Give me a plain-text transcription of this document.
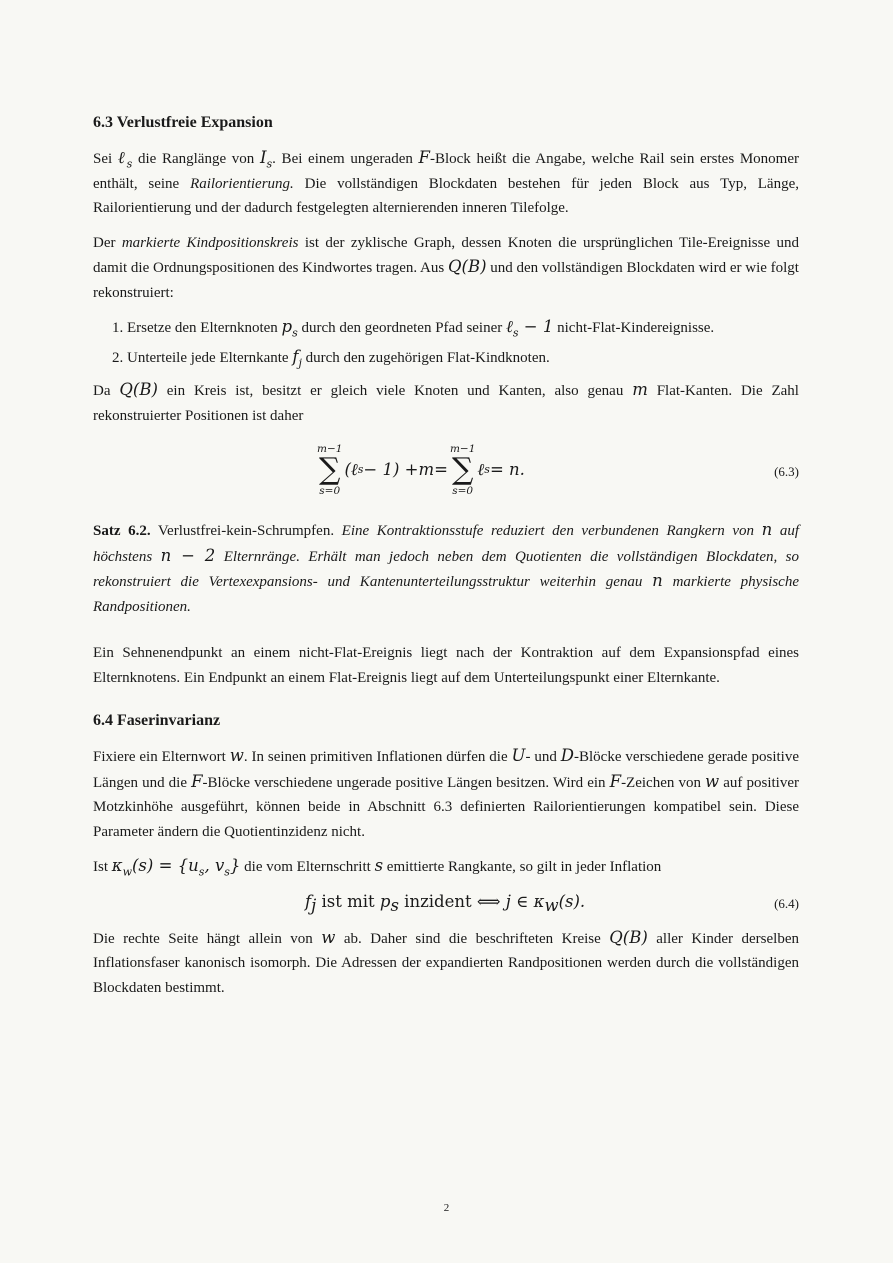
6.3 Verlustfreie Expansion

Sei ℓ$_s$ die Ranglänge von $I_s$. Bei einem ungeraden F-Block heißt die Angabe, welche Rail sein erstes Monomer enthält, seine Railorientierung. Die vollständigen Blockdaten bestehen für jeden Block aus Typ, Länge, Railorientierung und der dadurch festgelegten alternierenden inneren Tilefolge.

Der markierte Kindpositionskreis ist der zyklische Graph, dessen Knoten die ursprünglichen Tile-Ereignisse und damit die Ordnungspositionen des Kindwortes tragen. Aus Q(B) und den vollständigen Blockdaten wird er wie folgt rekonstruiert:

1. Ersetze den Elternknoten $p_s$ durch den geordneten Pfad seiner ℓ$_s$ − 1 nicht-Flat-Kindereignisse.
2. Unterteile jede Elternkante $f_j$ durch den zugehörigen Flat-Kindknoten.

Da Q(B) ein Kreis ist, besitzt er gleich viele Knoten und Kanten, also genau m Flat-Kanten. Die Zahl rekonstruierter Positionen ist daher

m−1
∑
s=0
(ℓ s − 1) + m =
m−1
∑
s=0
ℓ s = n.	(6.3)

Satz 6.2. Verlustfrei-kein-Schrumpfen. Eine Kontraktionsstufe reduziert den verbundenen Rangkern von n auf höchstens n − 2 Elternränge. Erhält man jedoch neben dem Quotienten die vollständigen Blockdaten, so rekonstruiert die Vertexexpansions- und Kantenunterteilungsstruktur weiterhin genau n markierte physische Randpositionen.

Ein Sehnenendpunkt an einem nicht-Flat-Ereignis liegt nach der Kontraktion auf dem Expansionspfad eines Elternknotens. Ein Endpunkt an einem Flat-Ereignis liegt auf dem Unterteilungspunkt einer Elternkante.

6.4 Faserinvarianz

Fixiere ein Elternwort w. In seinen primitiven Inflationen dürfen die U- und D-Blöcke verschiedene gerade positive Längen und die F-Blöcke verschiedene ungerade positive Längen besitzen. Wird ein F-Zeichen von w auf positiver Motzkinhöhe ausgeführt, können beide in Abschnitt 6.3 definierten Railorientierungen kompatibel sein. Diese Parameter ändern die Quotientinzidenz nicht.

Ist $\kappa_w(s) = \{u_s$, $v_s$} die vom Elternschritt s emittierte Rangkante, so gilt in jeder Inflation

$f_j$ ist mit $p_s$ inzident ⟺ j ∈ $\kappa_w(s)$.	(6.4)

Die rechte Seite hängt allein von w ab. Daher sind die beschrifteten Kreise Q(B) aller Kinder derselben Inflationsfaser kanonisch isomorph. Die Adressen der expandierten Randpositionen werden durch die vollständigen Blockdaten bestimmt.

2
